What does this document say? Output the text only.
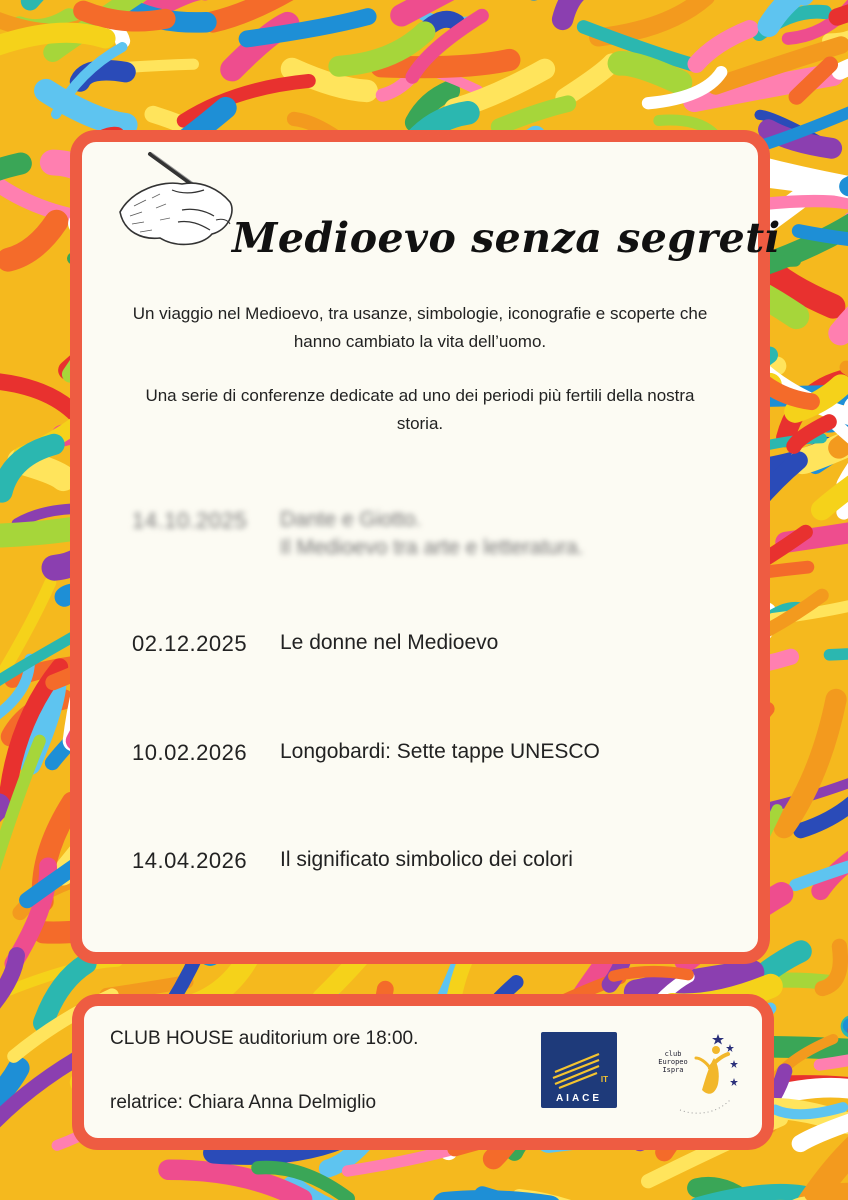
Medioevo senza segreti
Un viaggio nel Medioevo, tra usanze, simbologie, iconografie e scoperte che hanno cambiato la vita dell’uomo.
Una serie di conferenze dedicate ad uno dei periodi più fertili della nostra storia.
14.10.2025 Dante e Giotto.
Il Medioevo tra arte e letteratura.
02.12.2025 Le donne nel Medioevo
10.02.2026 Longobardi: Sette tappe UNESCO
14.04.2026 Il significato simbolico dei colori
CLUB HOUSE auditorium ore 18:00.
relatrice: Chiara Anna Delmiglio
IT
AIACE
club Europeo Ispra
